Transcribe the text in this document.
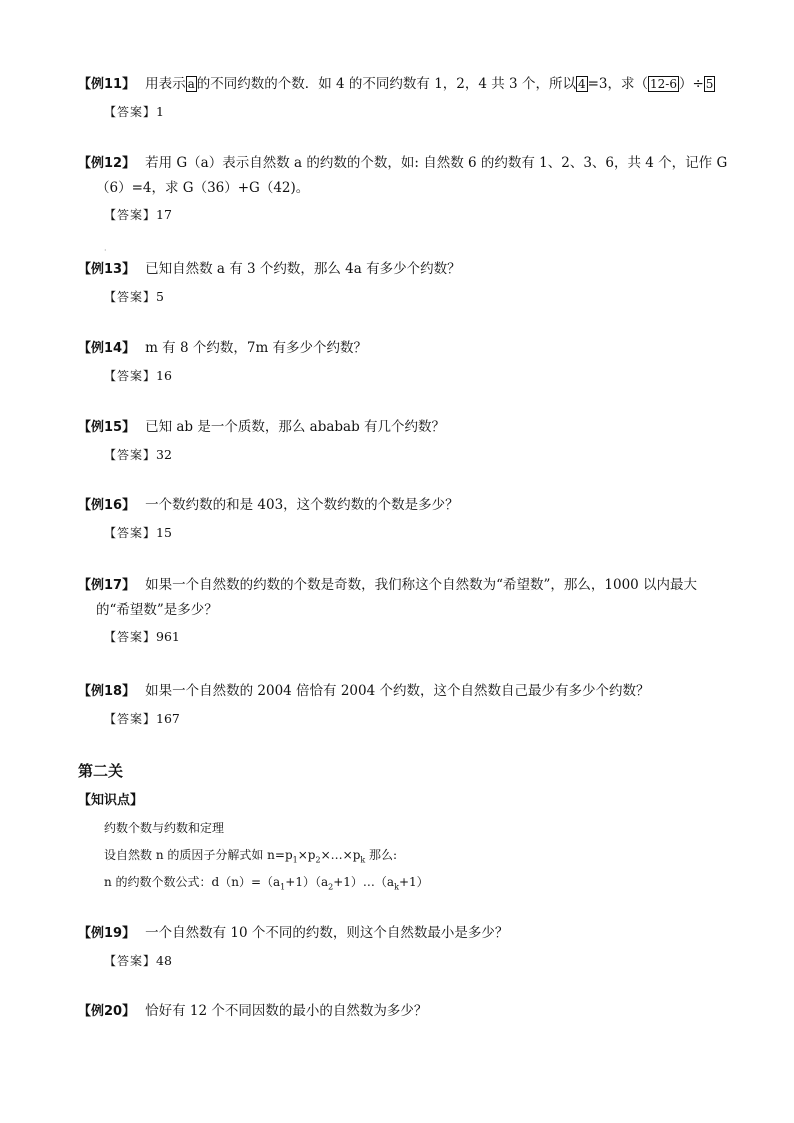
【例11】 用表示 a 的不同约数的个数．如 4 的不同约数有 1，2，4 共 3 个，所以 4 =3，求（ 12-6 ）÷ 5
【答案】1
【例12】 若用 G（a）表示自然数 a 的约数的个数，如: 自然数 6 的约数有 1、2、3、6，共 4 个，记作 G
（6）=4，求 G（36）+G（42)。
【答案】17
·
【例13】 已知自然数 a 有 3 个约数，那么 4a 有多少个约数？
【答案】5
【例14】 m 有 8 个约数，7m 有多少个约数？
【答案】16
【例15】 已知 ab 是一个质数，那么 ababab 有几个约数？
【答案】32
【例16】 一个数约数的和是 403，这个数约数的个数是多少？
【答案】15
【例17】 如果一个自然数的约数的个数是奇数，我们称这个自然数为“希望数”，那么，1000 以内最大
的“希望数”是多少？
【答案】961
【例18】 如果一个自然数的 2004 倍恰有 2004 个约数，这个自然数自己最少有多少个约数？
【答案】167
第二关
【知识点】
约数个数与约数和定理
设自然数 n 的质因子分解式如 $n=p_1\times p_2\times\dots\times p_k$ 那么:
n 的约数个数公式：$d(n)=(a_1+1)(a_2+1)\dots(a_k+1)$
【例19】 一个自然数有 10 个不同的约数，则这个自然数最小是多少？
【答案】48
【例20】 恰好有 12 个不同因数的最小的自然数为多少？
